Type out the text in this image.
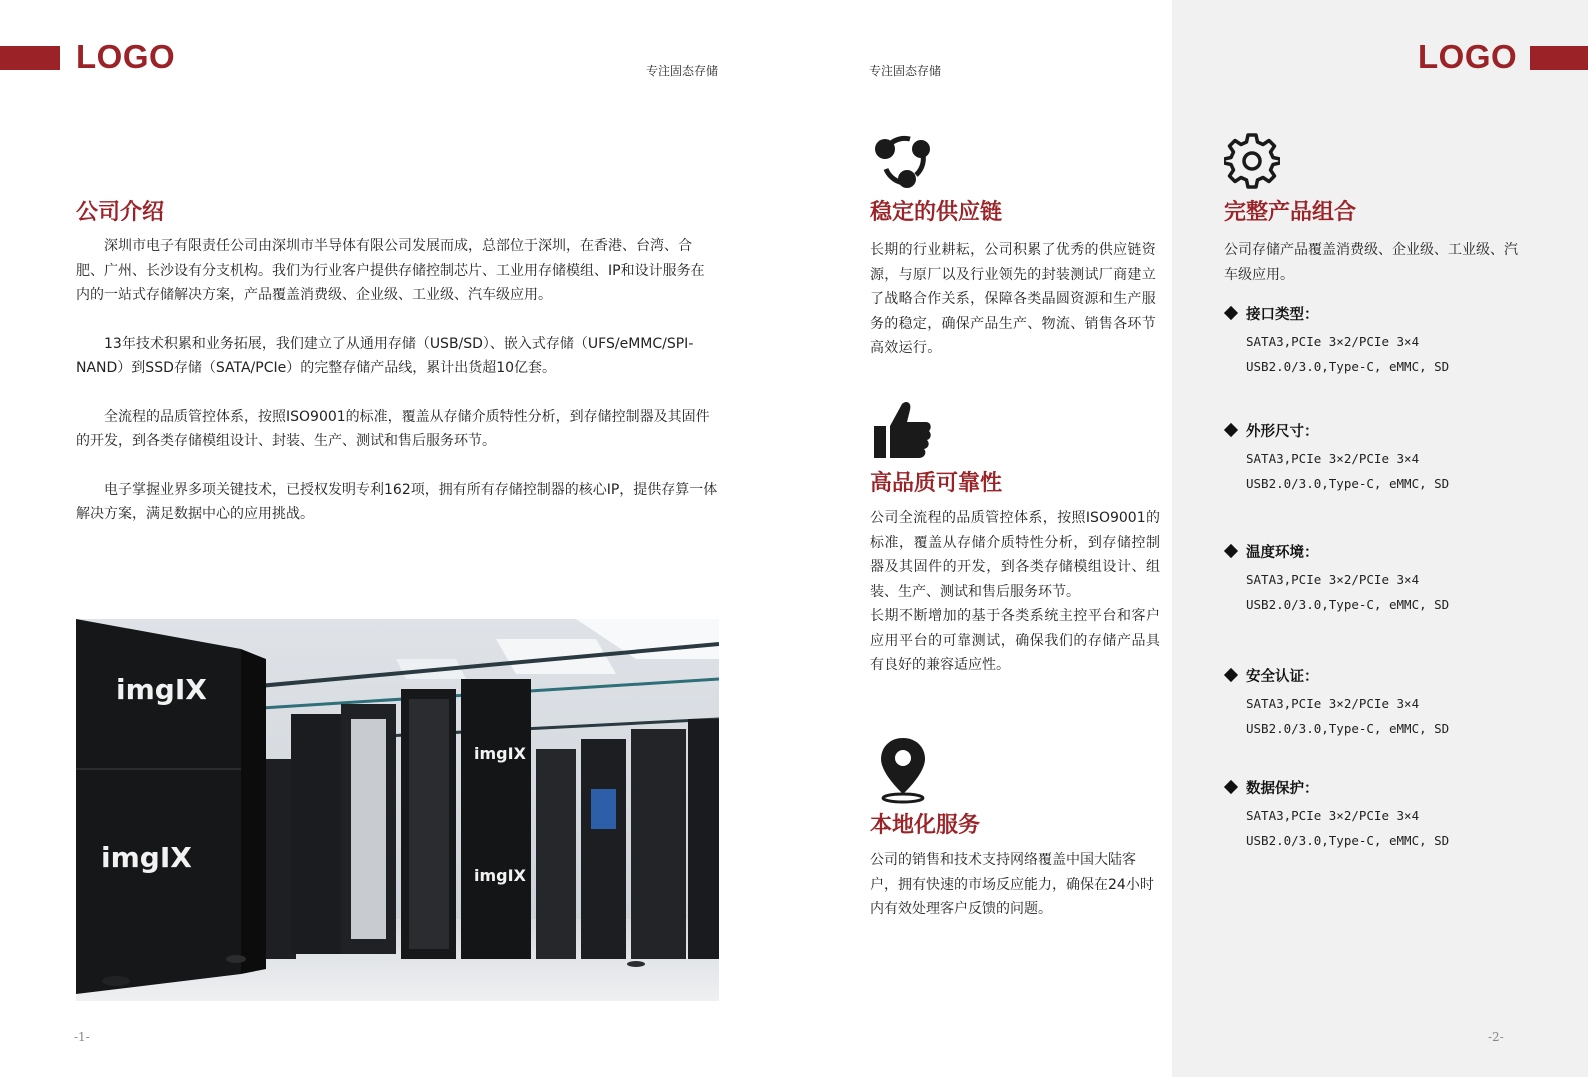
LOGO	专注固态存储	专注固态存储	LOGO
公司介绍

深圳市电子有限责任公司由深圳市半导体有限公司发展而成，总部位于深圳，在香港、台湾、合肥、广州、长沙设有分支机构。我们为行业客户提供存储控制芯片、工业用存储模组、IP和设计服务在内的一站式存储解决方案，产品覆盖消费级、企业级、工业级、汽车级应用。

13年技术积累和业务拓展，我们建立了从通用存储（USB/SD）、嵌入式存储（UFS/eMMC/SPI-NAND）到SSD存储（SATA/PCIe）的完整存储产品线，累计出货超10亿套。

全流程的品质管控体系，按照ISO9001的标准，覆盖从存储介质特性分析，到存储控制器及其固件的开发，到各类存储模组设计、封装、生产、测试和售后服务环节。

电子掌握业界多项关键技术，已授权发明专利162项，拥有所有存储控制器的核心IP，提供存算一体解决方案，满足数据中心的应用挑战。

imgIX
imgIX
imgIX
imgIX
-1-
稳定的供应链
长期的行业耕耘，公司积累了优秀的供应链资源，与原厂以及行业领先的封装测试厂商建立了战略合作关系，保障各类晶圆资源和生产服务的稳定，确保产品生产、物流、销售各环节高效运行。
高品质可靠性

公司全流程的品质管控体系，按照ISO9001的标准，覆盖从存储介质特性分析，到存储控制器及其固件的开发，到各类存储模组设计、组装、生产、测试和售后服务环节。

长期不断增加的基于各类系统主控平台和客户应用平台的可靠测试，确保我们的存储产品具有良好的兼容适应性。

本地化服务
公司的销售和技术支持网络覆盖中国大陆客户，拥有快速的市场反应能力，确保在24小时内有效处理客户反馈的问题。
完整产品组合
公司存储产品覆盖消费级、企业级、工业级、汽车级应用。
接口类型：
SATA3,PCIe 3×2/PCIe 3×4
USB2.0/3.0,Type-C, eMMC, SD
外形尺寸：
SATA3,PCIe 3×2/PCIe 3×4
USB2.0/3.0,Type-C, eMMC, SD
温度环境：
SATA3,PCIe 3×2/PCIe 3×4
USB2.0/3.0,Type-C, eMMC, SD
安全认证：
SATA3,PCIe 3×2/PCIe 3×4
USB2.0/3.0,Type-C, eMMC, SD
数据保护：
SATA3,PCIe 3×2/PCIe 3×4
USB2.0/3.0,Type-C, eMMC, SD
-2-
